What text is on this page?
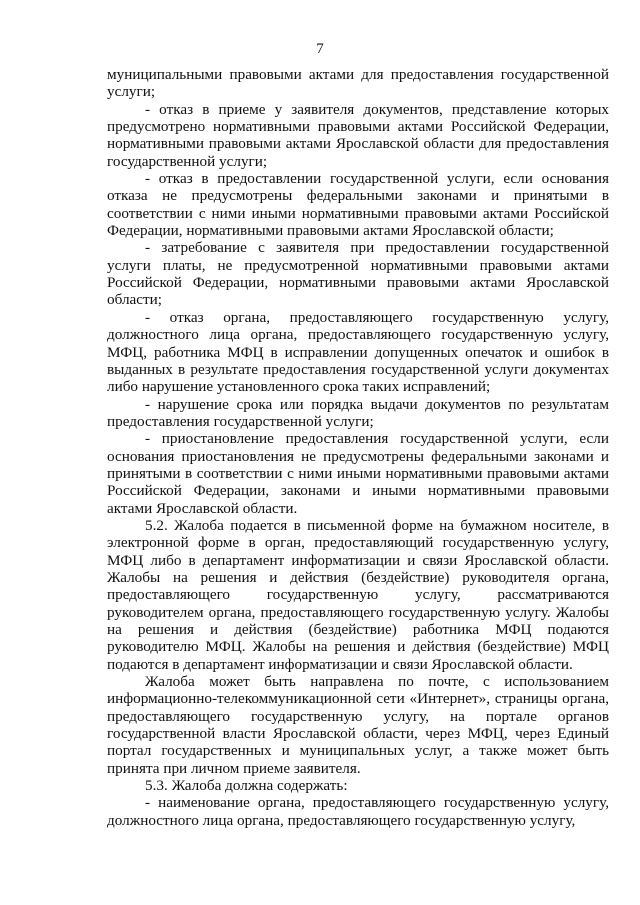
7

муниципальными правовыми актами для предоставления государственной услуги;

- отказ в приеме у заявителя документов, представление которых предусмотрено нормативными правовыми актами Российской Федерации, нормативными правовыми актами Ярославской области для предоставления государственной услуги;

- отказ в предоставлении государственной услуги, если основания отказа не предусмотрены федеральными законами и принятыми в соответствии с ними иными нормативными правовыми актами Российской Федерации, нормативными правовыми актами Ярославской области;

- затребование с заявителя при предоставлении государственной услуги платы, не предусмотренной нормативными правовыми актами Российской Федерации, нормативными правовыми актами Ярославской области;

- отказ органа, предоставляющего государственную услугу, должностного лица органа, предоставляющего государственную услугу, МФЦ, работника МФЦ в исправлении допущенных опечаток и ошибок в выданных в результате предоставления государственной услуги документах либо нарушение установленного срока таких исправлений;

- нарушение срока или порядка выдачи документов по результатам предоставления государственной услуги;

- приостановление предоставления государственной услуги, если основания приостановления не предусмотрены федеральными законами и принятыми в соответствии с ними иными нормативными правовыми актами Российской Федерации, законами и иными нормативными правовыми актами Ярославской области.

5.2. Жалоба подается в письменной форме на бумажном носителе, в электронной форме в орган, предоставляющий государственную услугу, МФЦ либо в департамент информатизации и связи Ярославской области. Жалобы на решения и действия (бездействие) руководителя органа, предоставляющего государственную услугу, рассматриваются руководителем органа, предоставляющего государственную услугу. Жалобы на решения и действия (бездействие) работника МФЦ подаются руководителю МФЦ. Жалобы на решения и действия (бездействие) МФЦ подаются в департамент информатизации и связи Ярославской области.

Жалоба может быть направлена по почте, с использованием информационно-телекоммуникационной сети «Интернет», страницы органа, предоставляющего государственную услугу, на портале органов государственной власти Ярославской области, через МФЦ, через Единый портал государственных и муниципальных услуг, а также может быть принята при личном приеме заявителя.

5.3. Жалоба должна содержать:

- наименование органа, предоставляющего государственную услугу, должностного лица органа, предоставляющего государственную услугу,
